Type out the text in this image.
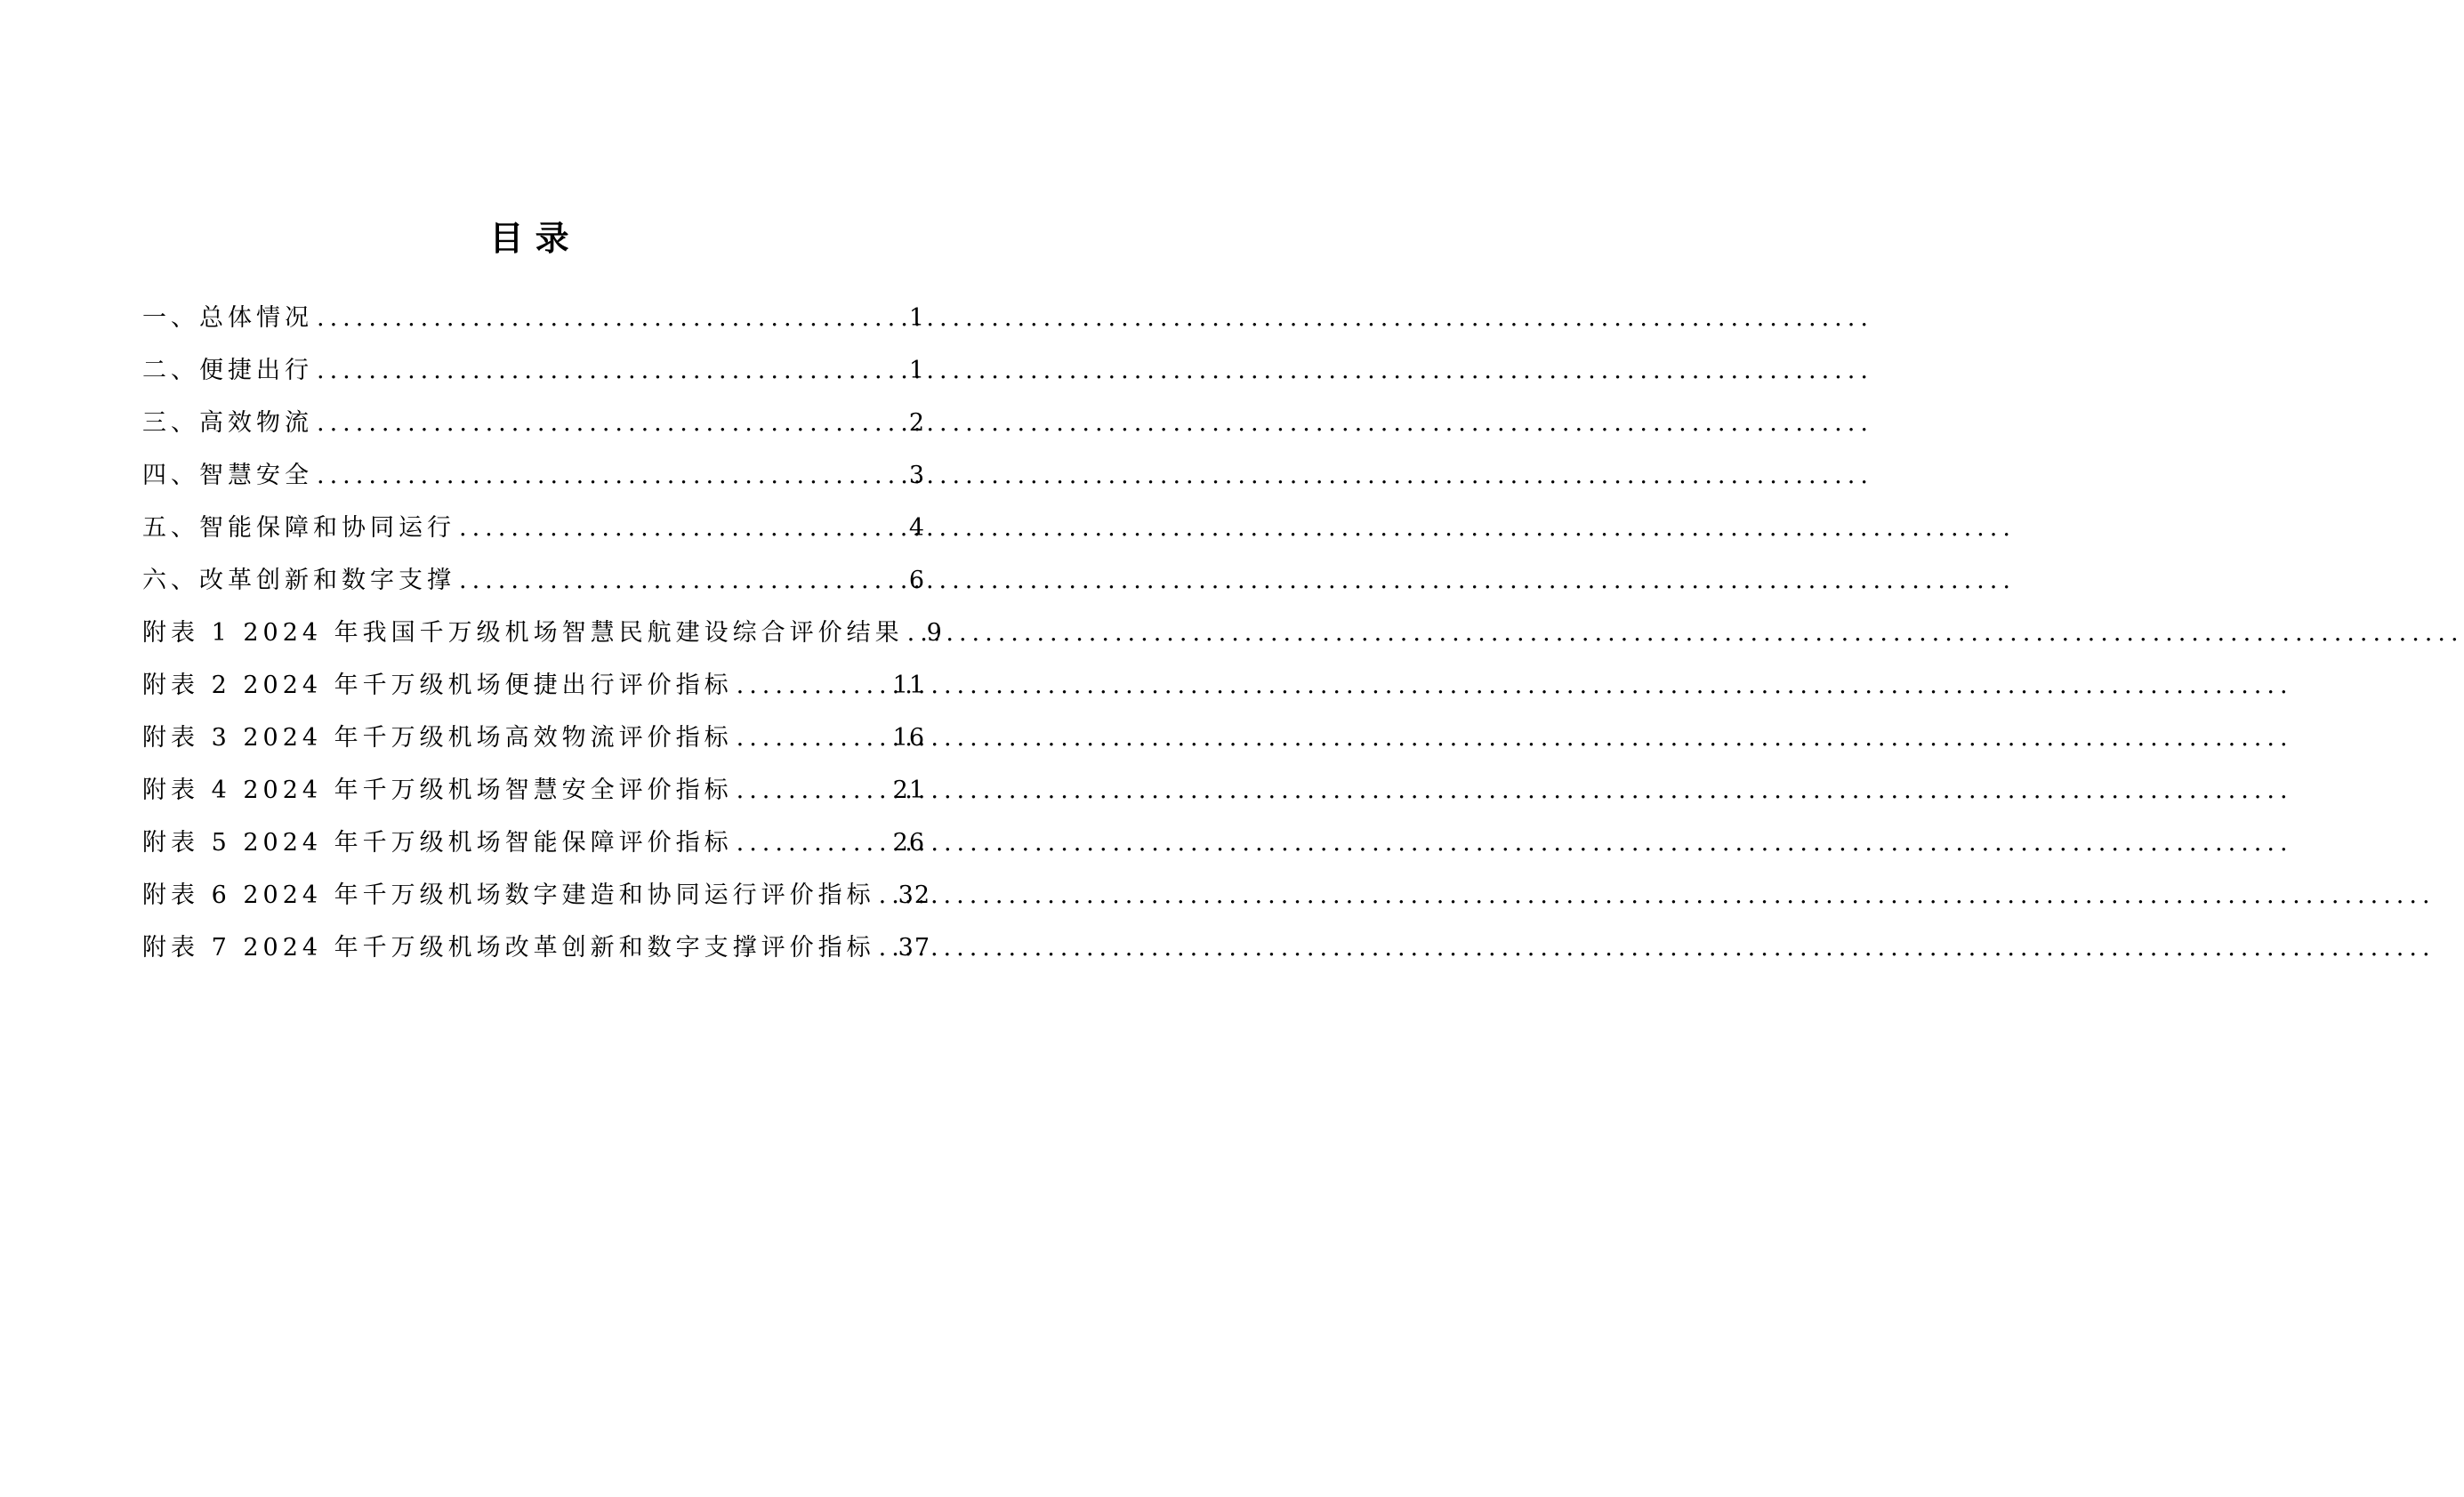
目 录
一、总体情况 .....	1
二、便捷出行 .....	1
三、高效物流 .....	2
四、智慧安全 .....	3
五、智能保障和协同运行 .....	4
六、改革创新和数字支撑 .....	6
附表 1 2024 年我国千万级机场智慧民航建设综合评价结果 ..... 9
附表 2 2024 年千万级机场便捷出行评价指标 .....	11
附表 3 2024 年千万级机场高效物流评价指标 .....	16
附表 4 2024 年千万级机场智慧安全评价指标 .....	21
附表 5 2024 年千万级机场智能保障评价指标 .....	26
附表 6 2024 年千万级机场数字建造和协同运行评价指标 ..... 32
附表 7 2024 年千万级机场改革创新和数字支撑评价指标 ..... 37
